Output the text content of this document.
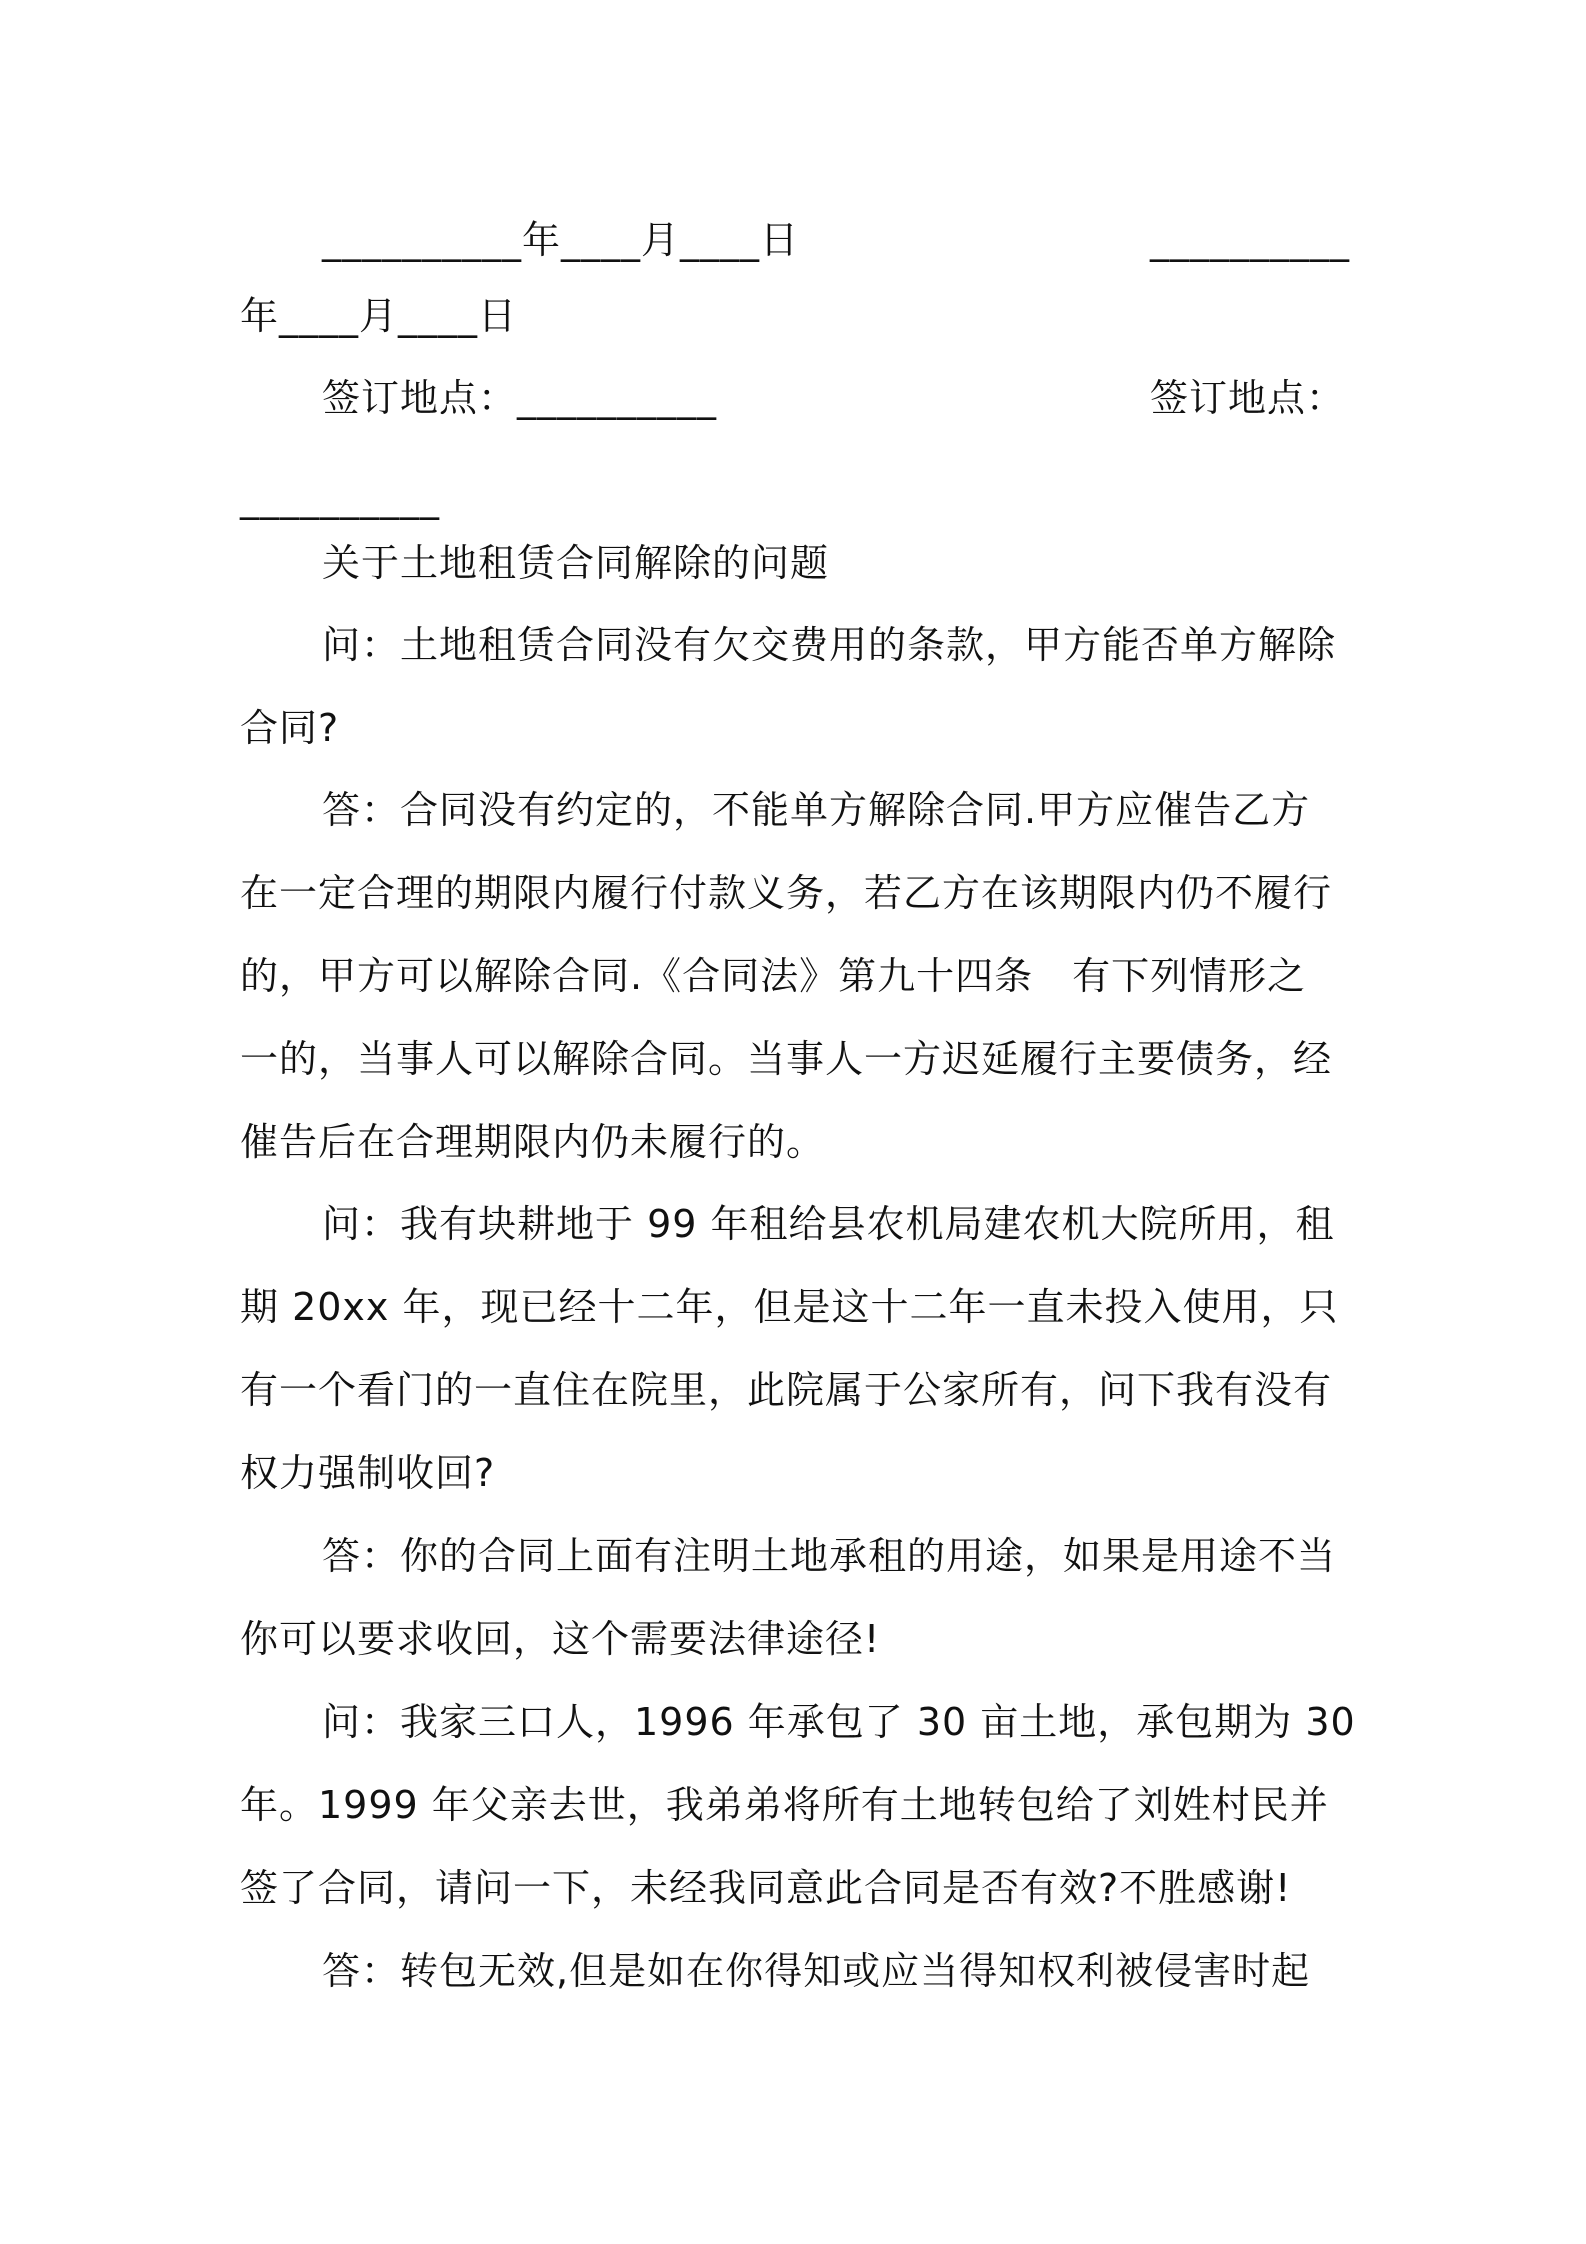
__________年____月____日	__________
年____月____日
签订地点：__________	签订地点：
__________
关于土地租赁合同解除的问题
问：土地租赁合同没有欠交费用的条款，甲方能否单方解除
合同?
答：合同没有约定的，不能单方解除合同.甲方应催告乙方
在一定合理的期限内履行付款义务，若乙方在该期限内仍不履行
的，甲方可以解除合同.《合同法》第九十四条　有下列情形之
一的，当事人可以解除合同。当事人一方迟延履行主要债务，经
催告后在合理期限内仍未履行的。
问：我有块耕地于 99 年租给县农机局建农机大院所用，租
期 20xx 年，现已经十二年，但是这十二年一直未投入使用，只
有一个看门的一直住在院里，此院属于公家所有，问下我有没有
权力强制收回?
答：你的合同上面有注明土地承租的用途，如果是用途不当
你可以要求收回，这个需要法律途径!
问：我家三口人，1996 年承包了 30 亩土地，承包期为 30
年。1999 年父亲去世，我弟弟将所有土地转包给了刘姓村民并
签了合同，请问一下，未经我同意此合同是否有效?不胜感谢!
答：转包无效,但是如在你得知或应当得知权利被侵害时起
